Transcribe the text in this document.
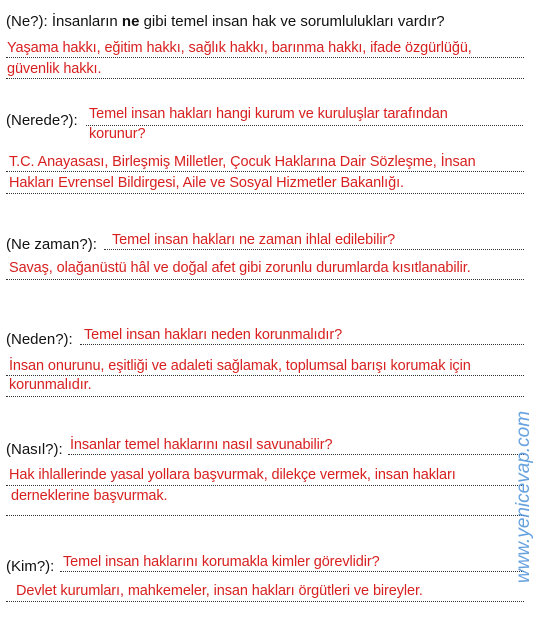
(Ne?): İnsanların ne gibi temel insan hak ve sorumlulukları vardır?
Yaşama hakkı, eğitim hakkı, sağlık hakkı, barınma hakkı, ifade özgürlüğü,
güvenlik hakkı.
(Nerede?): Temel insan hakları hangi kurum ve kuruluşlar tarafından
korunur?
T.C. Anayasası, Birleşmiş Milletler, Çocuk Haklarına Dair Sözleşme, İnsan
Hakları Evrensel Bildirgesi, Aile ve Sosyal Hizmetler Bakanlığı.
(Ne zaman?): Temel insan hakları ne zaman ihlal edilebilir?
Savaş, olağanüstü hâl ve doğal afet gibi zorunlu durumlarda kısıtlanabilir.
(Neden?): Temel insan hakları neden korunmalıdır?
İnsan onurunu, eşitliği ve adaleti sağlamak, toplumsal barışı korumak için
korunmalıdır.
(Nasıl?): İnsanlar temel haklarını nasıl savunabilir?
Hak ihlallerinde yasal yollara başvurmak, dilekçe vermek, insan hakları
derneklerine başvurmak.
(Kim?): Temel insan haklarını korumakla kimler görevlidir?
Devlet kurumları, mahkemeler, insan hakları örgütleri ve bireyler.
www.yenicevap.com
